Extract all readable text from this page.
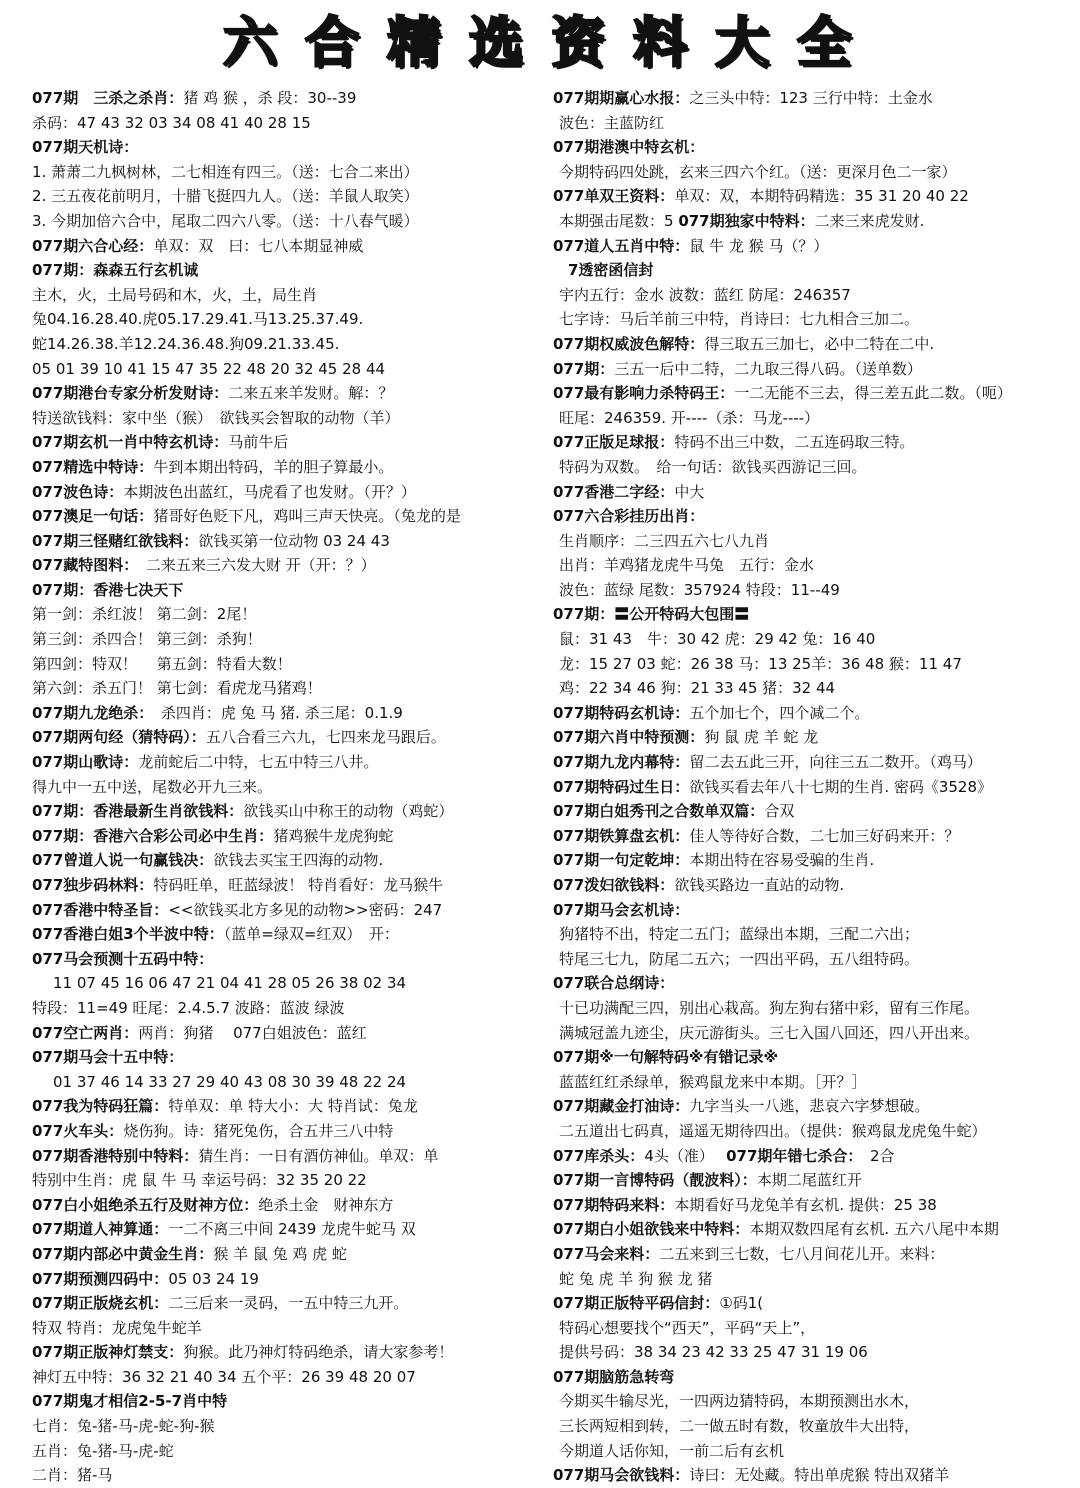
六 合 精 选 资 料 大 全
077期　三杀之杀肖：猪 鸡 猴 ，杀 段：30--39
杀码：47 43 32 03 34 08 41 40 28 15
077期天机诗：
1. 萧萧二九枫树林，二七相连有四三。（送：七合二来出）
2. 三五夜花前明月，十腊飞挺四九人。（送：羊鼠人取笑）
3. 今期加倍六合中，尾取二四六八零。（送：十八春气暖）
077期六合心经：单双：双　曰：七八本期显神威
077期：森森五行玄机诚
主木，火，土局号码和木，火，土，局生肖
兔04.16.28.40.虎05.17.29.41.马13.25.37.49.
蛇14.26.38.羊12.24.36.48.狗09.21.33.45.
05 01 39 10 41 15 47 35 22 48 20 32 45 28 44
077期港台专家分析发财诗：二来五来羊发财。解：？
特送欲钱料：家中坐（猴）　欲钱买会智取的动物（羊）
077期玄机一肖中特玄机诗：马前牛后
077精选中特诗：牛到本期出特码，羊的胆子算最小。
077波色诗：本期波色出蓝红，马虎看了也发财。（开？）
077澳足一句话：猪哥好色贬下凡，鸡叫三声天快亮。（兔龙的是
077期三怪赌红欲钱料：欲钱买第一位动物 03 24 43
077藏特图料：　二来五来三六发大财 开（开：？）
077期：香港七决天下
第一剑：杀红波！ 第二剑：2尾！
第三剑：杀四合！ 第三剑：杀狗！
第四剑：特双！　 第五剑：特看大数！
第六剑：杀五门！ 第七剑：看虎龙马猪鸡！
077期九龙绝杀：　杀四肖：虎 兔 马 猪. 杀三尾：0.1.9
077期两句经（猜特码）：五八合看三六九，七四来龙马跟后。
077期山歌诗：龙前蛇后二中特，七五中特三八井。
得九中一五中送，尾数必开九三来。
077期：香港最新生肖欲钱料：欲钱买山中称王的动物（鸡蛇）
077期：香港六合彩公司必中生肖：猪鸡猴牛龙虎狗蛇
077曾道人说一句赢钱决：欲钱去买宝王四海的动物.
077独步码林料：特码旺单，旺蓝绿波！ 特肖看好：龙马猴牛
077香港中特圣旨：<<欲钱买北方多见的动物>>密码：247
077香港白姐3个半波中特：（蓝单=绿双=红双）　开：
077马会预测十五码中特：
　11 07 45 16 06 47 21 04 41 28 05 26 38 02 34
特段：11=49 旺尾：2.4.5.7 波路：蓝波 绿波
077空亡两肖：两肖：狗猪　 077白姐波色：蓝红
077期马会十五中特：
　01 37 46 14 33 27 29 40 43 08 30 39 48 22 24
077我为特码狂篇：特单双：单 特大小：大 特肖试：兔龙
077火车头：烧伤狗。诗：猪死兔伤，合五井三八中特
077期香港特别中特料：猜生肖：一日有酒仿神仙。单双：单
特别中生肖：虎 鼠 牛 马 幸运号码：32 35 20 22
077白小姐绝杀五行及财神方位：绝杀土金　财神东方
077期道人神算通：一二不离三中间 2439 龙虎牛蛇马 双
077期内部必中黄金生肖：猴 羊 鼠 兔 鸡 虎 蛇
077期预测四码中：05 03 24 19
077期正版烧玄机：二三后来一灵码，一五中特三九开。
特双 特肖：龙虎兔牛蛇羊
077期正版神灯禁支：狗猴。此乃神灯特码绝杀，请大家参考！
神灯五中特：36 32 21 40 34 五个平：26 39 48 20 07
077期鬼才相信2-5-7肖中特
七肖：兔-猪-马-虎-蛇-狗-猴
五肖：兔-猪-马-虎-蛇
二肖：猪-马
077期期赢心水报：之三头中特：123 三行中特：土金水
波色：主蓝防红
077期港澳中特玄机：
今期特码四处跳，玄来三四六个红。（送：更深月色二一家）
077单双王资料：单双：双，本期特码精选：35 31 20 40 22
本期强击尾数：5 077期独家中特料：二来三来虎发财.
077道人五肖中特：鼠 牛 龙 猴 马（？）
　7透密函信封
宇内五行：金水 波数：蓝红 防尾：246357
七字诗：马后羊前三中特，肖诗曰：七九相合三加二。
077期权威波色解特：得三取五三加七，必中二特在二中.
077期：三五一后中二特，二九取三得八码。（送单数）
077最有影响力杀特码王：一二无能不三去，得三差五此二数。（呃）
旺尾：246359. 开----（杀：马龙----）
077正版足球报：特码不出三中数，二五连码取三特。
特码为双数。　给一句话：欲钱买西游记三回。
077香港二字经：中大
077六合彩挂历出肖：
生肖顺序：二三四五六七八九肖
出肖：羊鸡猪龙虎牛马兔　五行：金水
波色：蓝绿 尾数：357924 特段：11--49
077期：〓公开特码大包围〓
鼠：31 43　牛：30 42 虎：29 42 兔：16 40
龙：15 27 03 蛇：26 38 马：13 25羊：36 48 猴：11 47
鸡：22 34 46 狗：21 33 45 猪：32 44
077期特码玄机诗：五个加七个，四个减二个。
077期六肖中特预测：狗 鼠 虎 羊 蛇 龙
077期九龙内幕特：留二去五此三开，向往三五二数开。（鸡马）
077期特码过生日：欲钱买看去年八十七期的生肖. 密码《3528》
077期白姐秀刊之合数单双篇：合双
077期铁算盘玄机：佳人等待好合数，二七加三好码来开：？
077期一句定乾坤：本期出特在容易受骗的生肖.
077泼妇欲钱料：欲钱买路边一直站的动物.
077期马会玄机诗：
狗猪特不出，特定二五门；蓝绿出本期，三配二六出；
特尾三七九，防尾二五六；一四出平码，五八组特码。
077联合总纲诗：
十已功满配三四，别出心栽高。狗左狗右猪中彩，留有三作尾。
满城冠盖九迹尘，庆元游街头。三七入国八回还，四八开出来。
077期※一句解特码※有错记录※
蓝蓝红红杀绿单，猴鸡鼠龙来中本期。［开？］
077期藏金打油诗：九字当头一八逃，悲哀六字梦想破。
二五道出七码真，遥遥无期待四出。（提供：猴鸡鼠龙虎兔牛蛇）
077库杀头：4头（准）　 077期年错七杀合：　2合
077期一言博特码（靓波料）：本期二尾蓝红开
077期特码来料：本期看好马龙兔羊有玄机. 提供：25 38
077期白小姐欲钱来中特料：本期双数四尾有玄机. 五六八尾中本期
077马会来料：二五来到三七数，七八月间花儿开。来料：
蛇 兔 虎 羊 狗 猴 龙 猪
077期正版特平码信封：①码1(
特码心想要找个“西天”，平码“天上”，
提供号码：38 34 23 42 33 25 47 31 19 06
077期脑筋急转弯
今期买牛输尽光，一四两边猜特码，本期预测出水木，
三长两短相到转，二一做五时有数，牧童放牛大出特，
今期道人话你知，一前二后有玄机
077期马会欲钱料：诗曰：无处藏。特出单虎猴 特出双猪羊
